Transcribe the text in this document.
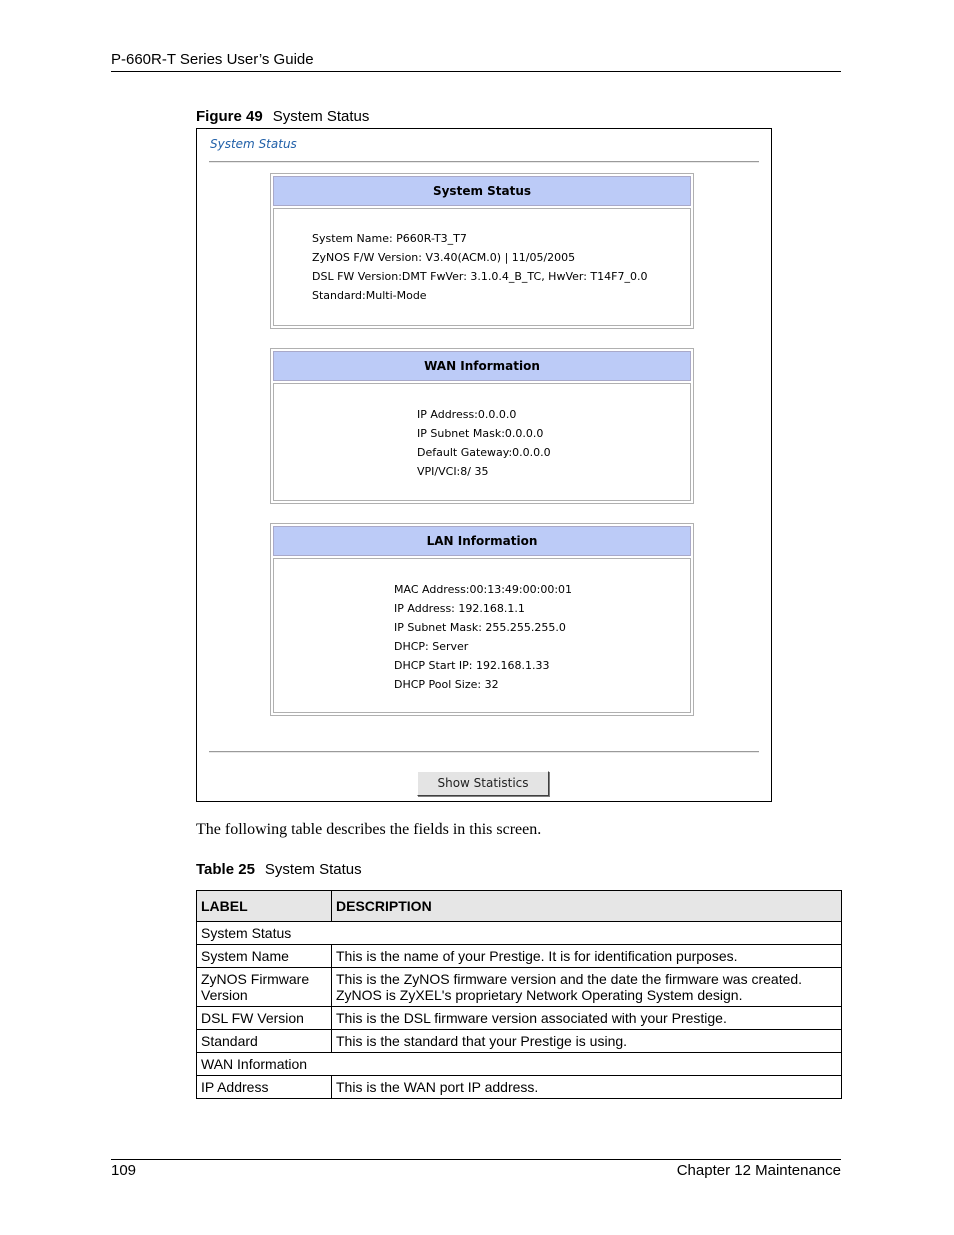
P-660R-T Series User’s Guide
Figure 49 System Status
System Status
System Status
System Name: P660R-T3_T7
ZyNOS F/W Version: V3.40(ACM.0) | 11/05/2005
DSL FW Version:DMT FwVer: 3.1.0.4_B_TC, HwVer: T14F7_0.0
Standard:Multi-Mode
WAN Information
IP Address:0.0.0.0
IP Subnet Mask:0.0.0.0
Default Gateway:0.0.0.0
VPI/VCI:8/ 35
LAN Information
MAC Address:00:13:49:00:00:01
IP Address: 192.168.1.1
IP Subnet Mask: 255.255.255.0
DHCP: Server
DHCP Start IP: 192.168.1.33
DHCP Pool Size: 32
Show Statistics
The following table describes the fields in this screen.
Table 25 System Status
LABEL	DESCRIPTION
System Status	
System Name	This is the name of your Prestige. It is for identification purposes.
ZyNOS Firmware Version	This is the ZyNOS firmware version and the date the firmware was created. ZyNOS is ZyXEL's proprietary Network Operating System design.
DSL FW Version	This is the DSL firmware version associated with your Prestige.
Standard	This is the standard that your Prestige is using.
WAN Information	
IP Address	This is the WAN port IP address.
109	Chapter 12 Maintenance
